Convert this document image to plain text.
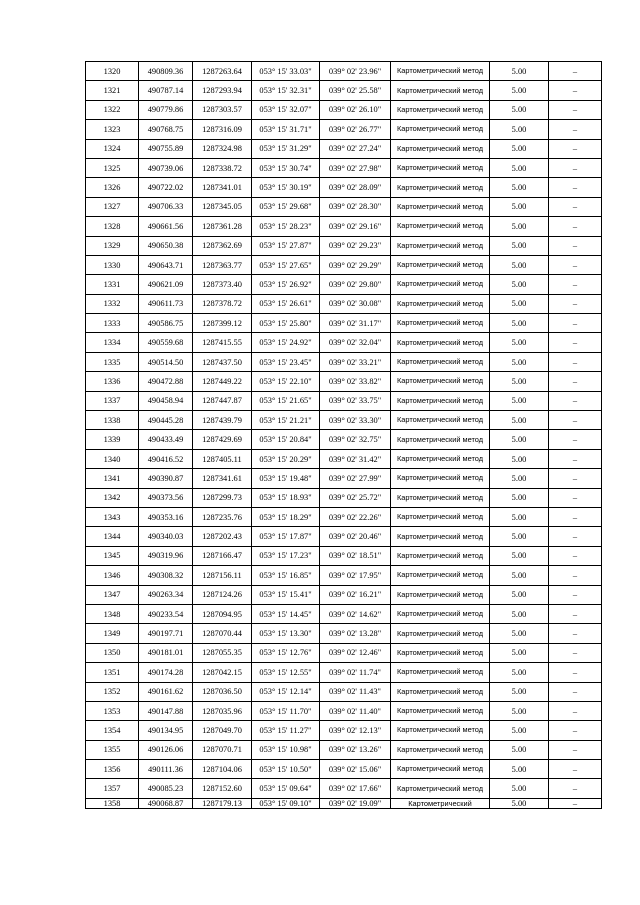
1320	490809.36	1287263.64	053° 15' 33.03"	039° 02' 23.96"	Картометрический метод	5.00	–
1321	490787.14	1287293.94	053° 15' 32.31"	039° 02' 25.58"	Картометрический метод	5.00	–
1322	490779.86	1287303.57	053° 15' 32.07"	039° 02' 26.10"	Картометрический метод	5.00	–
1323	490768.75	1287316.09	053° 15' 31.71"	039° 02' 26.77"	Картометрический метод	5.00	–
1324	490755.89	1287324.98	053° 15' 31.29"	039° 02' 27.24"	Картометрический метод	5.00	–
1325	490739.06	1287338.72	053° 15' 30.74"	039° 02' 27.98"	Картометрический метод	5.00	–
1326	490722.02	1287341.01	053° 15' 30.19"	039° 02' 28.09"	Картометрический метод	5.00	–
1327	490706.33	1287345.05	053° 15' 29.68"	039° 02' 28.30"	Картометрический метод	5.00	–
1328	490661.56	1287361.28	053° 15' 28.23"	039° 02' 29.16"	Картометрический метод	5.00	–
1329	490650.38	1287362.69	053° 15' 27.87"	039° 02' 29.23"	Картометрический метод	5.00	–
1330	490643.71	1287363.77	053° 15' 27.65"	039° 02' 29.29"	Картометрический метод	5.00	–
1331	490621.09	1287373.40	053° 15' 26.92"	039° 02' 29.80"	Картометрический метод	5.00	–
1332	490611.73	1287378.72	053° 15' 26.61"	039° 02' 30.08"	Картометрический метод	5.00	–
1333	490586.75	1287399.12	053° 15' 25.80"	039° 02' 31.17"	Картометрический метод	5.00	–
1334	490559.68	1287415.55	053° 15' 24.92"	039° 02' 32.04"	Картометрический метод	5.00	–
1335	490514.50	1287437.50	053° 15' 23.45"	039° 02' 33.21"	Картометрический метод	5.00	–
1336	490472.88	1287449.22	053° 15' 22.10"	039° 02' 33.82"	Картометрический метод	5.00	–
1337	490458.94	1287447.87	053° 15' 21.65"	039° 02' 33.75"	Картометрический метод	5.00	–
1338	490445.28	1287439.79	053° 15' 21.21"	039° 02' 33.30"	Картометрический метод	5.00	–
1339	490433.49	1287429.69	053° 15' 20.84"	039° 02' 32.75"	Картометрический метод	5.00	–
1340	490416.52	1287405.11	053° 15' 20.29"	039° 02' 31.42"	Картометрический метод	5.00	–
1341	490390.87	1287341.61	053° 15' 19.48"	039° 02' 27.99"	Картометрический метод	5.00	–
1342	490373.56	1287299.73	053° 15' 18.93"	039° 02' 25.72"	Картометрический метод	5.00	–
1343	490353.16	1287235.76	053° 15' 18.29"	039° 02' 22.26"	Картометрический метод	5.00	–
1344	490340.03	1287202.43	053° 15' 17.87"	039° 02' 20.46"	Картометрический метод	5.00	–
1345	490319.96	1287166.47	053° 15' 17.23"	039° 02' 18.51"	Картометрический метод	5.00	–
1346	490308.32	1287156.11	053° 15' 16.85"	039° 02' 17.95"	Картометрический метод	5.00	–
1347	490263.34	1287124.26	053° 15' 15.41"	039° 02' 16.21"	Картометрический метод	5.00	–
1348	490233.54	1287094.95	053° 15' 14.45"	039° 02' 14.62"	Картометрический метод	5.00	–
1349	490197.71	1287070.44	053° 15' 13.30"	039° 02' 13.28"	Картометрический метод	5.00	–
1350	490181.01	1287055.35	053° 15' 12.76"	039° 02' 12.46"	Картометрический метод	5.00	–
1351	490174.28	1287042.15	053° 15' 12.55"	039° 02' 11.74"	Картометрический метод	5.00	–
1352	490161.62	1287036.50	053° 15' 12.14"	039° 02' 11.43"	Картометрический метод	5.00	–
1353	490147.88	1287035.96	053° 15' 11.70"	039° 02' 11.40"	Картометрический метод	5.00	–
1354	490134.95	1287049.70	053° 15' 11.27"	039° 02' 12.13"	Картометрический метод	5.00	–
1355	490126.06	1287070.71	053° 15' 10.98"	039° 02' 13.26"	Картометрический метод	5.00	–
1356	490111.36	1287104.06	053° 15' 10.50"	039° 02' 15.06"	Картометрический метод	5.00	–
1357	490085.23	1287152.60	053° 15' 09.64"	039° 02' 17.66"	Картометрический метод	5.00	–
1358	490068.87	1287179.13	053° 15' 09.10"	039° 02' 19.09"	Картометрический	5.00	–
